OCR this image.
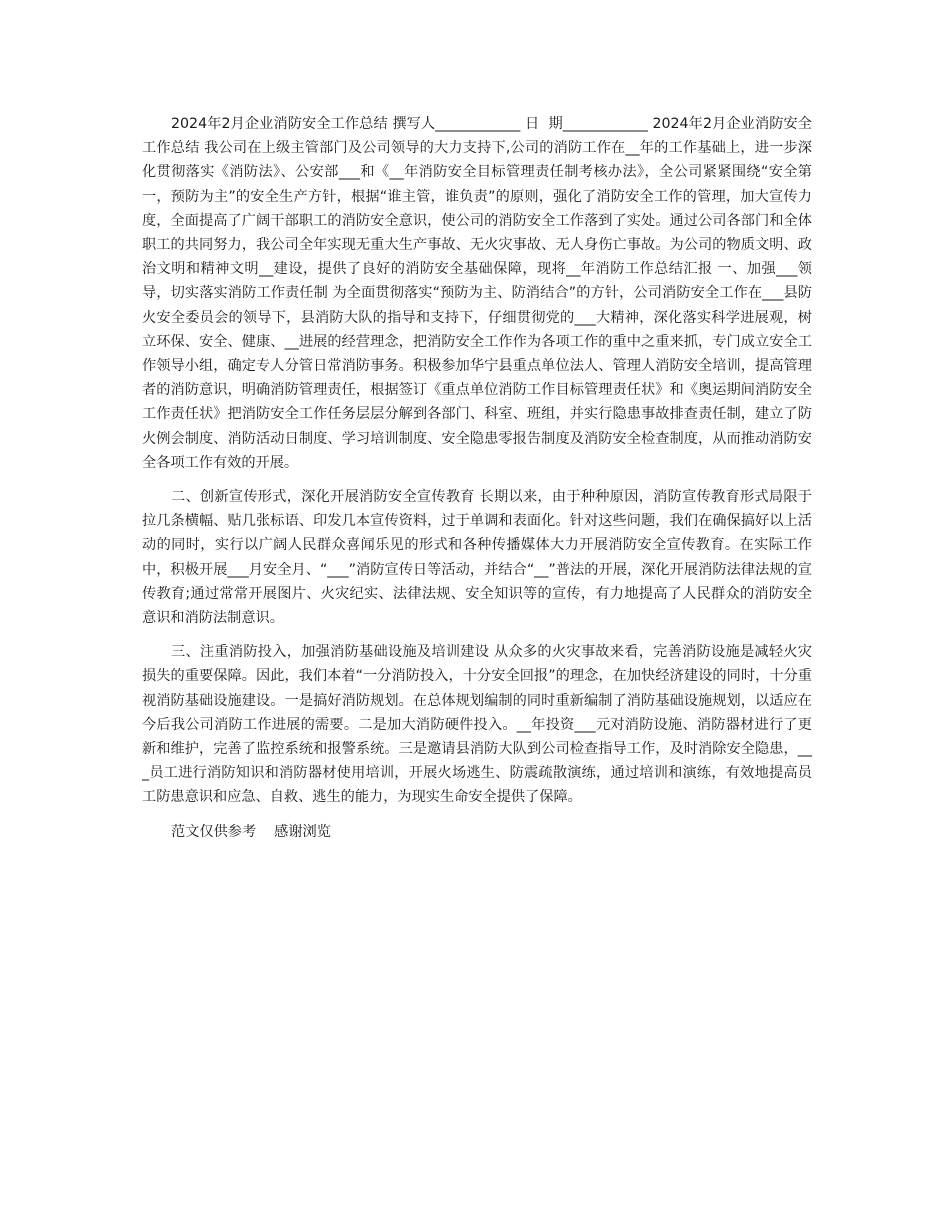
2024年2月企业消防安全工作总结 撰写人____________ 日  期____________ 2024年2月企业消防安全工作总结 我公司在上级主管部门及公司领导的大力支持下,公司的消防工作在__年的工作基础上，进一步深化贯彻落实《消防法》、公安部___和《__年消防安全目标管理责任制考核办法》，全公司紧紧围绕“安全第一，预防为主”的安全生产方针，根据“谁主管，谁负责”的原则，强化了消防安全工作的管理，加大宣传力度，全面提高了广阔干部职工的消防安全意识，使公司的消防安全工作落到了实处。通过公司各部门和全体职工的共同努力，我公司全年实现无重大生产事故、无火灾事故、无人身伤亡事故。为公司的物质文明、政治文明和精神文明__建设，提供了良好的消防安全基础保障，现将__年消防工作总结汇报 一、加强___领导，切实落实消防工作责任制 为全面贯彻落实“预防为主、防消结合”的方针，公司消防安全工作在___县防火安全委员会的领导下，县消防大队的指导和支持下，仔细贯彻党的___大精神，深化落实科学进展观，树立环保、安全、健康、__进展的经营理念，把消防安全工作作为各项工作的重中之重来抓，专门成立安全工作领导小组，确定专人分管日常消防事务。积极参加华宁县重点单位法人、管理人消防安全培训，提高管理者的消防意识，明确消防管理责任，根据签订《重点单位消防工作目标管理责任状》和《奥运期间消防安全工作责任状》把消防安全工作任务层层分解到各部门、科室、班组，并实行隐患事故排查责任制，建立了防火例会制度、消防活动日制度、学习培训制度、安全隐患零报告制度及消防安全检查制度，从而推动消防安全各项工作有效的开展。

二、创新宣传形式，深化开展消防安全宣传教育 长期以来，由于种种原因，消防宣传教育形式局限于拉几条横幅、贴几张标语、印发几本宣传资料，过于单调和表面化。针对这些问题，我们在确保搞好以上活动的同时，实行以广阔人民群众喜闻乐见的形式和各种传播媒体大力开展消防安全宣传教育。在实际工作中，积极开展___月安全月、“___”消防宣传日等活动，并结合“__”普法的开展，深化开展消防法律法规的宣传教育;通过常常开展图片、火灾纪实、法律法规、安全知识等的宣传，有力地提高了人民群众的消防安全意识和消防法制意识。

三、注重消防投入，加强消防基础设施及培训建设 从众多的火灾事故来看，完善消防设施是减轻火灾损失的重要保障。因此，我们本着“一分消防投入，十分安全回报”的理念，在加快经济建设的同时，十分重视消防基础设施建设。一是搞好消防规划。在总体规划编制的同时重新编制了消防基础设施规划，以适应在今后我公司消防工作进展的需要。二是加大消防硬件投入。__年投资___元对消防设施、消防器材进行了更新和维护，完善了监控系统和报警系统。三是邀请县消防大队到公司检查指导工作，及时消除安全隐患，___员工进行消防知识和消防器材使用培训，开展火场逃生、防震疏散演练，通过培训和演练，有效地提高员工防患意识和应急、自救、逃生的能力，为现实生命安全提供了保障。

范文仅供参考    感谢浏览
